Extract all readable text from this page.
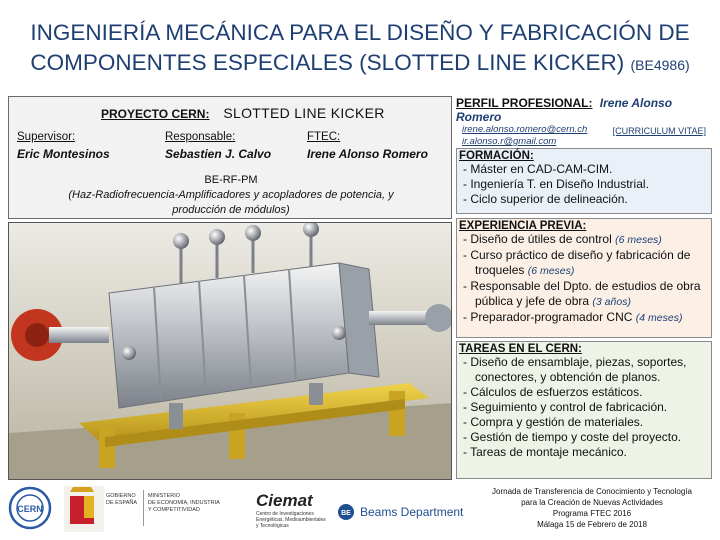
INGENIERÍA MECÁNICA PARA EL DISEÑO Y FABRICACIÓN DE
COMPONENTES ESPECIALES (SLOTTED LINE KICKER) (BE4986)
PROYECTO CERN: SLOTTED LINE KICKER
Supervisor:
Eric Montesinos
Responsable:
Sebastien J. Calvo
FTEC:
Irene Alonso Romero
BE-RF-PM
(Haz-Radiofrecuencia-Amplificadores y acopladores de potencia, y
producción de módulos)
PERFIL PROFESIONAL: Irene Alonso Romero
irene.alonso.romero@cern.ch
ir.alonso.r@gmail.com
[CURRICULUM VITAE]
FORMACIÓN:
- Máster en CAD-CAM-CIM.
- Ingeniería T. en Diseño Industrial.
- Ciclo superior de delineación.
EXPERIENCIA PREVIA:
- Diseño de útiles de control (6 meses)
- Curso práctico de diseño y fabricación de troqueles (6 meses)
- Responsable del Dpto. de estudios de obra pública y jefe de obra (3 años)
- Preparador-programador CNC (4 meses)
TAREAS EN EL CERN:
- Diseño de ensamblaje, piezas, soportes, conectores, y obtención de planos.
- Cálculos de esfuerzos estáticos.
- Seguimiento y control de fabricación.
- Compra y gestión de materiales.
- Gestión de tiempo y coste del proyecto.
- Tareas de montaje mecánico.
CERN
GOBIERNO
DE ESPAÑA
MINISTERIO
DE ECONOMÍA, INDUSTRIA
Y COMPETITIVIDAD	Ciemat
Centro de Investigaciones
Energéticas, Medioambientales
y Tecnológicas
BE Beams Department
Jornada de Transferencia de Conocimiento y Tecnología
para la Creación de Nuevas Actividades
Programa FTEC 2016
Málaga 15 de Febrero de 2018
